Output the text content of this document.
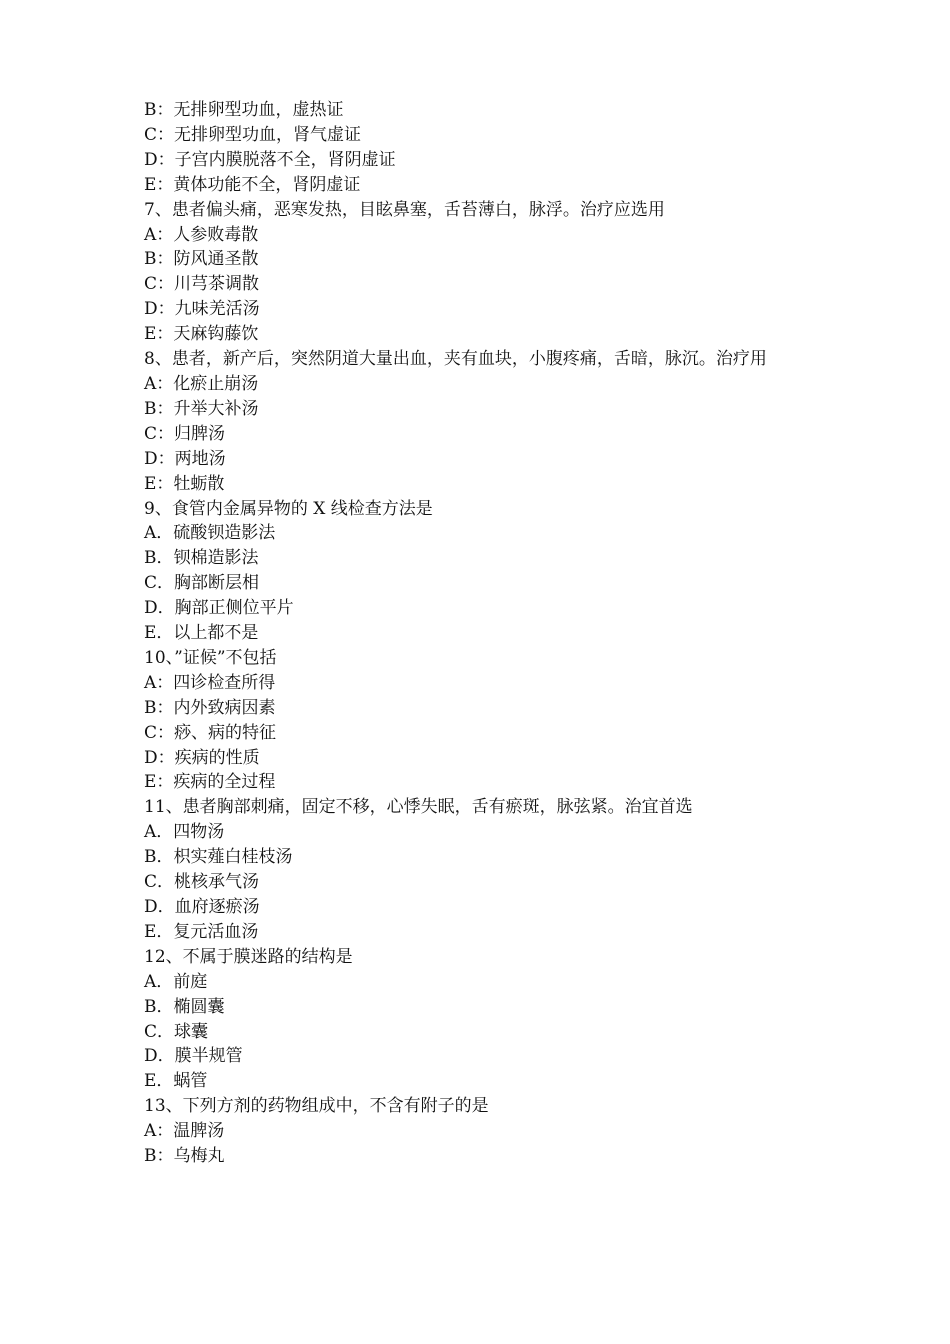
B：无排卵型功血，虚热证
C：无排卵型功血，肾气虚证
D：子宫内膜脱落不全，肾阴虚证
E：黄体功能不全，肾阴虚证
7、患者偏头痛，恶寒发热，目眩鼻塞，舌苔薄白，脉浮。治疗应选用
A：人参败毒散
B：防风通圣散
C：川芎茶调散
D：九味羌活汤
E：天麻钩藤饮
8、患者，新产后，突然阴道大量出血，夹有血块，小腹疼痛，舌暗，脉沉。治疗用
A：化瘀止崩汤
B：升举大补汤
C：归脾汤
D：两地汤
E：牡蛎散
9、食管内金属异物的 X 线检查方法是
A．硫酸钡造影法
B．钡棉造影法
C．胸部断层相
D．胸部正侧位平片
E．以上都不是
10、”证候”不包括
A：四诊检查所得
B：内外致病因素
C：痧、病的特征
D：疾病的性质
E：疾病的全过程
11、患者胸部刺痛，固定不移，心悸失眠，舌有瘀斑，脉弦紧。治宜首选
A．四物汤
B．枳实薤白桂枝汤
C．桃核承气汤
D．血府逐瘀汤
E．复元活血汤
12、不属于膜迷路的结构是
A．前庭
B．椭圆囊
C．球囊
D．膜半规管
E．蜗管
13、下列方剂的药物组成中，不含有附子的是
A：温脾汤
B：乌梅丸
